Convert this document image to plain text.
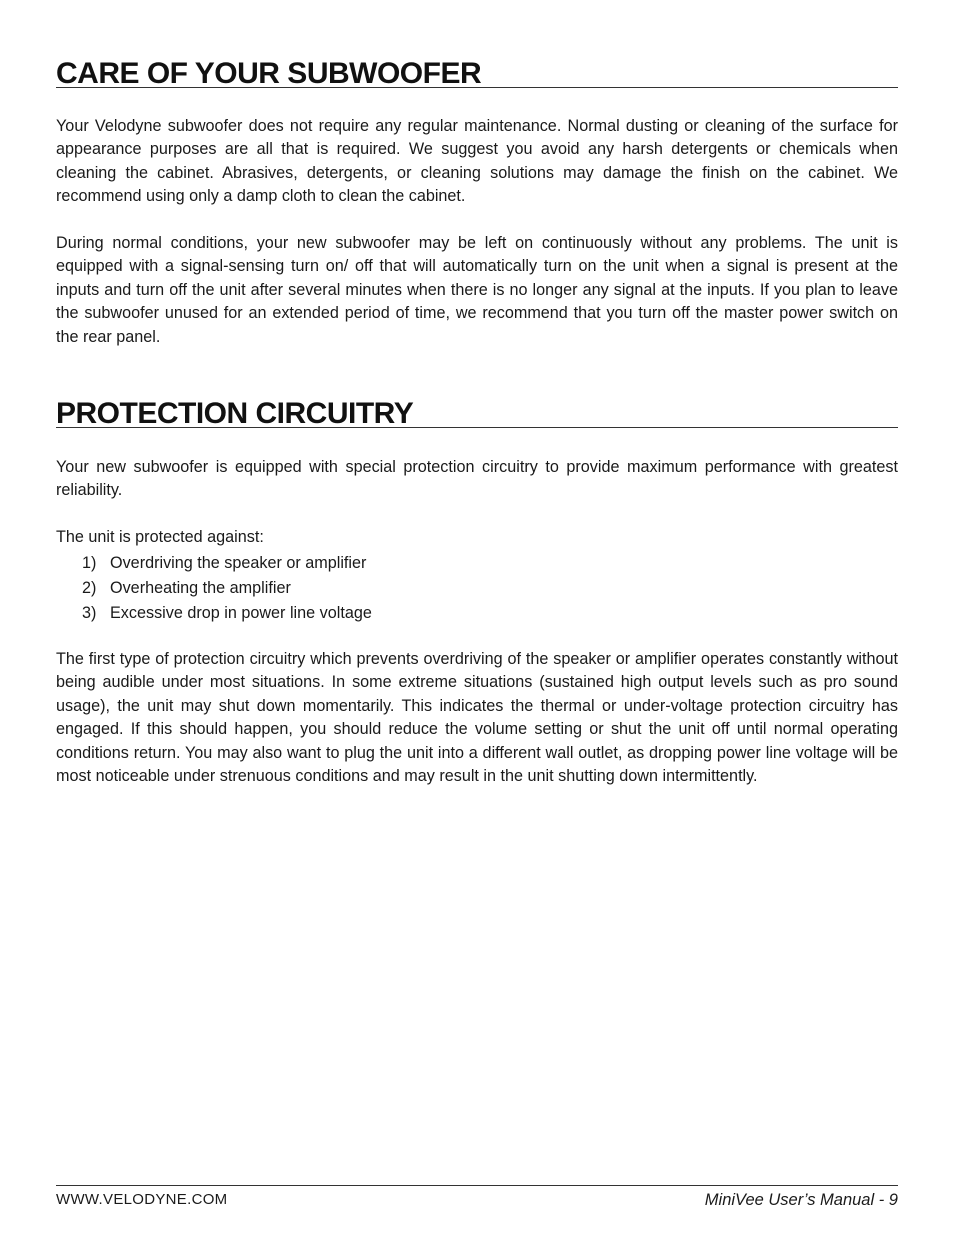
CARE OF YOUR SUBWOOFER

Your Velodyne subwoofer does not require any regular maintenance. Normal dusting or cleaning of the surface for appearance purposes are all that is required. We suggest you avoid any harsh detergents or chemicals when cleaning the cabinet. Abrasives, detergents, or cleaning solutions may damage the finish on the cabinet. We recommend using only a damp cloth to clean the cabinet.

During normal conditions, your new subwoofer may be left on continuously without any problems. The unit is equipped with a signal-sensing turn on/ off that will automatically turn on the unit when a signal is present at the inputs and turn off the unit after several minutes when there is no longer any signal at the inputs. If you plan to leave the subwoofer unused for an extended period of time, we recommend that you turn off the master power switch on the rear panel.

PROTECTION CIRCUITRY

Your new subwoofer is equipped with special protection circuitry to provide maximum performance with greatest reliability.

The unit is protected against:

1) Overdriving the speaker or amplifier
2) Overheating the amplifier
3) Excessive drop in power line voltage

The first type of protection circuitry which prevents overdriving of the speaker or amplifier operates constantly without being audible under most situations. In some extreme situations (sustained high output levels such as pro sound usage), the unit may shut down momentarily. This indicates the thermal or under-voltage protection circuitry has engaged. If this should happen, you should reduce the volume setting or shut the unit off until normal operating conditions return. You may also want to plug the unit into a different wall outlet, as dropping power line voltage will be most noticeable under strenuous conditions and may result in the unit shutting down intermittently.

WWW.VELODYNE.COM	MiniVee User’s Manual - 9
